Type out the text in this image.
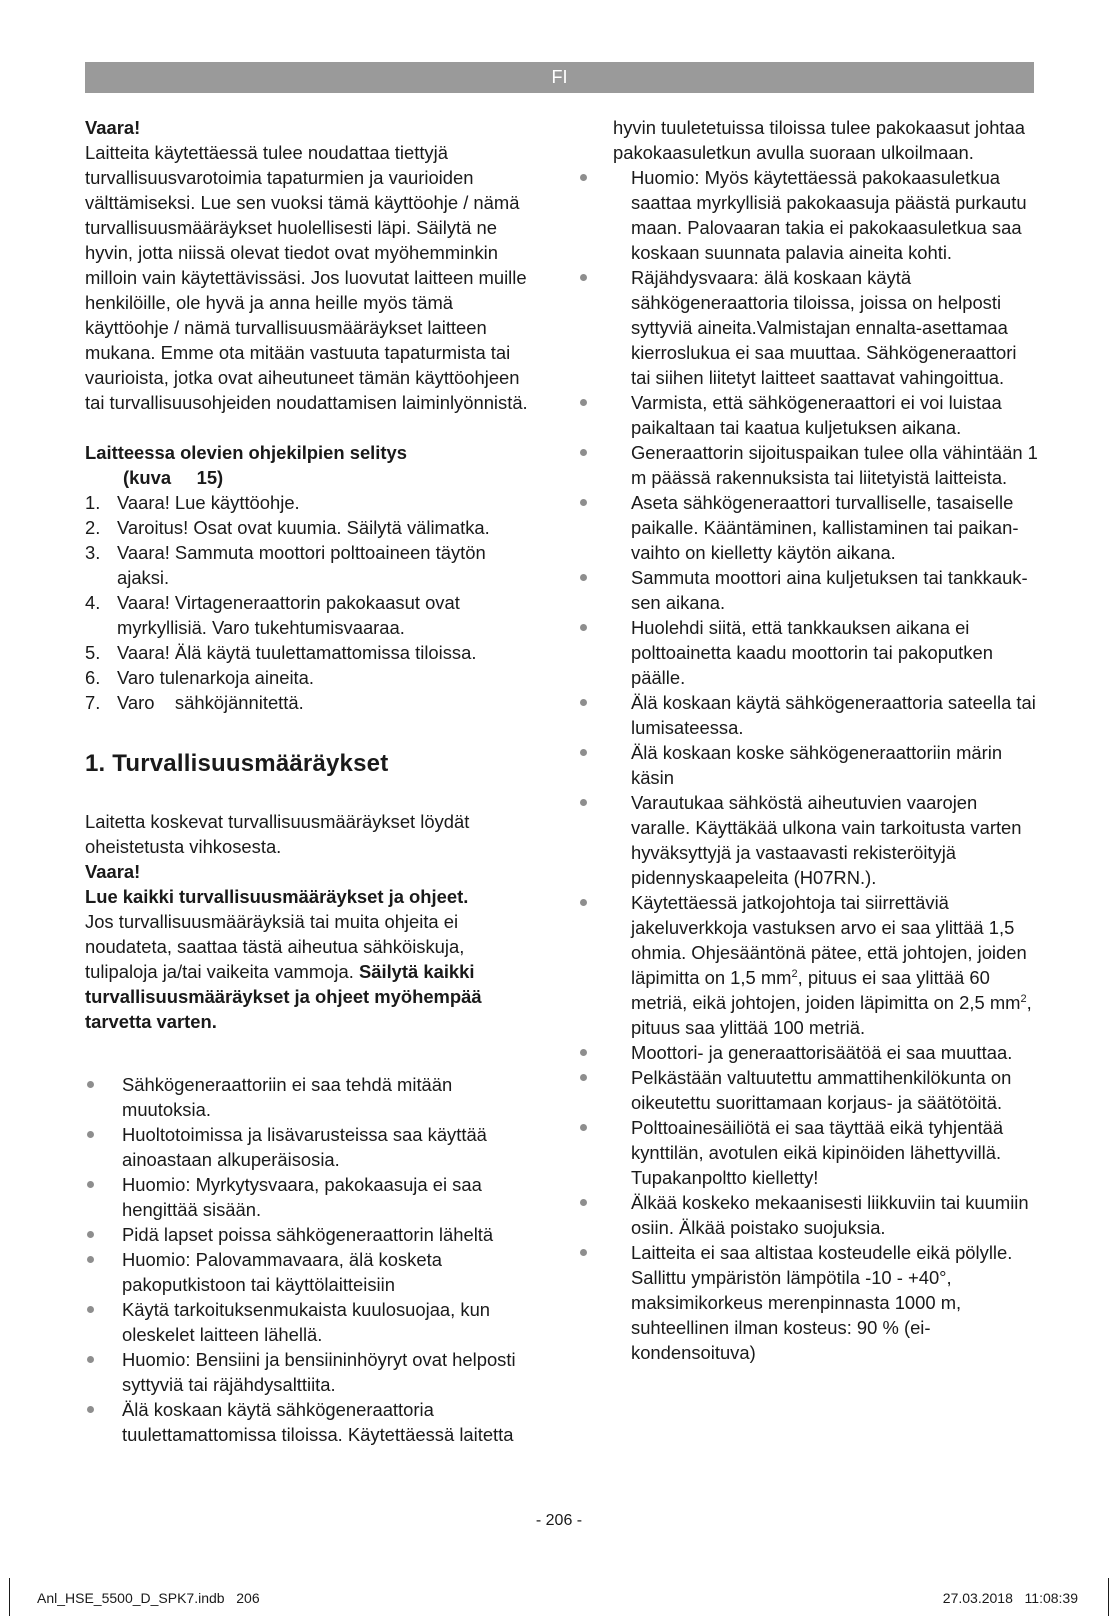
FI

Vaara!

Laitteita käytettäessä tulee noudattaa tiettyjä turvallisuusvarotoimia tapaturmien ja vaurioiden välttämiseksi. Lue sen vuoksi tämä käyttöohje / nämä turvallisuusmääräykset huolellisesti läpi. Säilytä ne hyvin, jotta niissä olevat tiedot ovat myöhemminkin milloin vain käytettävissäsi. Jos luovutat laitteen muille henkilöille, ole hyvä ja anna heille myös tämä käyttöohje / nämä turvallisuusmääräykset laitteen mukana. Emme ota mitään vastuuta tapaturmista tai vaurioista, jotka ovat aiheutuneet tämän käyttöohjeen tai turvallisuusohjeiden noudattamisen laiminlyönnistä.

Laitteessa olevien ohjekilpien selitys

(kuva     15)

1. Vaara! Lue käyttöohje.
2. Varoitus! Osat ovat kuumia. Säilytä välimatka.
3. Vaara! Sammuta moottori polttoaineen täytön ajaksi.
4. Vaara! Virtageneraattorin pakokaasut ovat myrkyllisiä. Varo tukehtumisvaaraa.
5. Vaara! Älä käytä tuulettamattomissa tiloissa.
6. Varo tulenarkoja aineita.
7. Varo    sähköjännitettä.
1. Turvallisuusmääräykset

Laitetta koskevat turvallisuusmääräykset löydät oheistetusta vihkosesta.

Vaara!

Lue kaikki turvallisuusmääräykset ja ohjeet.

Jos turvallisuusmääräyksiä tai muita ohjeita ei noudateta, saattaa tästä aiheutua sähköiskuja, tulipaloja ja/tai vaikeita vammoja. Säilytä kaikki turvallisuusmääräykset ja ohjeet myöhempää tarvetta varten.

Sähkögeneraattoriin ei saa tehdä mitään muutoksia.
Huoltotoimissa ja lisävarusteissa saa käyttää ainoastaan alkuperäisosia.
Huomio: Myrkytysvaara, pakokaasuja ei saa hengittää sisään.
Pidä lapset poissa sähkögeneraattorin läheltä
Huomio: Palovammavaara, älä kosketa pakoputkistoon tai käyttölaitteisiin
Käytä tarkoituksenmukaista kuulosuojaa, kun oleskelet laitteen lähellä.
Huomio: Bensiini ja bensiininhöyryt ovat helposti syttyviä tai räjähdysalttiita.
Älä koskaan käytä sähkögeneraattoria tuulettamattomissa tiloissa. Käytettäessä laitetta

hyvin tuuletetuissa tiloissa tulee pakokaasut johtaa pakokaasuletkun avulla suoraan ulkoilmaan.

Huomio: Myös käytettäessä pakokaasuletkua saattaa myrkyllisiä pakokaasuja päästä purkautu maan. Palovaaran takia ei pakokaasuletkua saa koskaan suunnata palavia aineita kohti.
Räjähdysvaara: älä koskaan käytä sähkögeneraattoria tiloissa, joissa on helposti syttyviä aineita.Valmistajan ennalta-asettamaa kierroslukua ei saa muuttaa. Sähkögeneraattori tai siihen liitetyt laitteet saattavat vahingoittua.
Varmista, että sähkögeneraattori ei voi luistaa paikaltaan tai kaatua kuljetuksen aikana.
Generaattorin sijoituspaikan tulee olla vähintään 1 m päässä rakennuksista tai liitetyistä laitteista.
Aseta sähkögeneraattori turvalliselle, tasaiselle paikalle. Kääntäminen, kallistaminen tai paikan-vaihto on kielletty käytön aikana.
Sammuta moottori aina kuljetuksen tai tankkauk-sen aikana.
Huolehdi siitä, että tankkauksen aikana ei polttoainetta kaadu moottorin tai pakoputken päälle.
Älä koskaan käytä sähkögeneraattoria sateella tai lumisateessa.
Älä koskaan koske sähkögeneraattoriin märin käsin
Varautukaa sähköstä aiheutuvien vaarojen varalle. Käyttäkää ulkona vain tarkoitusta varten hyväksyttyjä ja vastaavasti rekisteröityjä pidennyskaapeleita (H07RN.).
Käytettäessä jatkojohtoja tai siirrettäviä jakeluverkkoja vastuksen arvo ei saa ylittää 1,5 ohmia. Ohjesääntönä pätee, että johtojen, joiden läpimitta on 1,5 $mm^2$, pituus ei saa ylittää 60 metriä, eikä johtojen, joiden läpimitta on 2,5 $mm^2$, pituus saa ylittää 100 metriä.
Moottori- ja generaattorisäätöä ei saa muuttaa.
Pelkästään valtuutettu ammattihenkilökunta on oikeutettu suorittamaan korjaus- ja säätötöitä.
Polttoainesäiliötä ei saa täyttää eikä tyhjentää kynttilän, avotulen eikä kipinöiden lähettyvillä. Tupakanpoltto kielletty!
Älkää koskeko mekaanisesti liikkuviin tai kuumiin osiin. Älkää poistako suojuksia.
Laitteita ei saa altistaa kosteudelle eikä pölylle. Sallittu ympäristön lämpötila -10 - +40°, maksimikorkeus merenpinnasta 1000 m, suhteellinen ilman kosteus: 90 % (ei-kondensoituva)
- 206 -
Anl_HSE_5500_D_SPK7.indb   206	27.03.2018   11:08:39
